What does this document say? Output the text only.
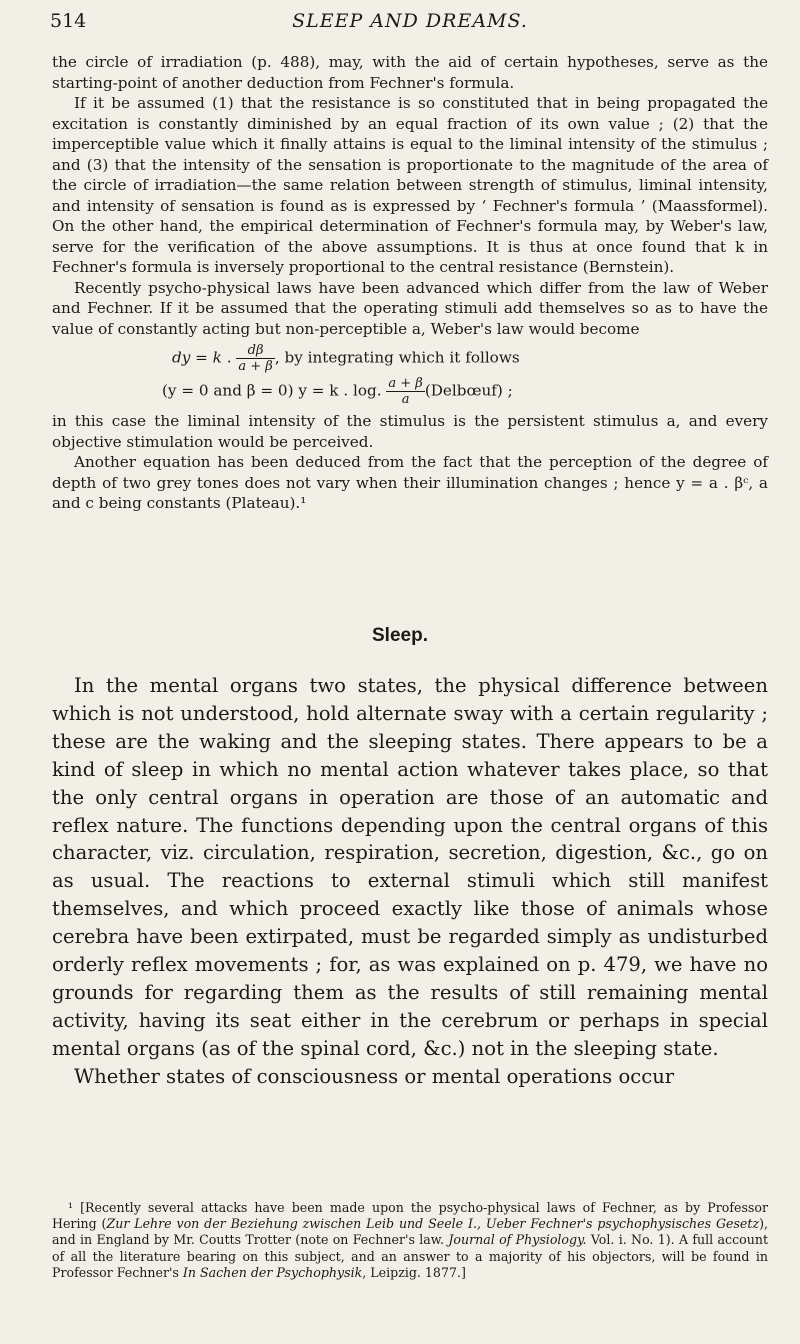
514	SLEEP AND DREAMS.

the circle of irradiation (p. 488), may, with the aid of certain hypotheses, serve as the starting-point of another deduction from Fechner's formula.

If it be assumed (1) that the resistance is so constituted that in being propagated the excitation is constantly diminished by an equal fraction of its own value ; (2) that the imperceptible value which it finally attains is equal to the liminal intensity of the stimulus ; and (3) that the intensity of the sensation is proportionate to the magnitude of the area of the circle of irradiation—the same relation between strength of stimulus, liminal intensity, and intensity of sensation is found as is expressed by ‘ Fechner's formula ’ (Maassformel). On the other hand, the empirical determination of Fechner's formula may, by Weber's law, serve for the verification of the above assumptions. It is thus at once found that k in Fechner's formula is inversely proportional to the central resistance (Bernstein).

Recently psycho-physical laws have been advanced which differ from the law of Weber and Fechner. If it be assumed that the operating stimuli add themselves so as to have the value of constantly acting but non-perceptible a, Weber's law would become

dy = k . $\frac{d\beta}{a + \beta}$ , by integrating which it follows
(y = 0 and β = 0) y = k . log. $\frac{a + \beta}{a}$ (Delbœuf) ;

in this case the liminal intensity of the stimulus is the persistent stimulus a, and every objective stimulation would be perceived.

Another equation has been deduced from the fact that the perception of the degree of depth of two grey tones does not vary when their illumination changes ; hence y = a . βᶜ, a and c being constants (Plateau).¹

Sleep.

In the mental organs two states, the physical difference between which is not understood, hold alternate sway with a certain regularity ; these are the waking and the sleeping states. There appears to be a kind of sleep in which no mental action whatever takes place, so that the only central organs in operation are those of an automatic and reflex nature. The functions depending upon the central organs of this character, viz. circulation, respiration, secretion, digestion, &c., go on as usual. The reactions to external stimuli which still manifest themselves, and which proceed exactly like those of animals whose cerebra have been extirpated, must be regarded simply as undisturbed orderly reflex movements ; for, as was explained on p. 479, we have no grounds for regarding them as the results of still remaining mental activity, having its seat either in the cerebrum or perhaps in special mental organs (as of the spinal cord, &c.) not in the sleeping state.

Whether states of consciousness or mental operations occur

¹ [Recently several attacks have been made upon the psycho-physical laws of Fechner, as by Professor Hering (Zur Lehre von der Beziehung zwischen Leib und Seele I., Ueber Fechner's psychophysisches Gesetz), and in England by Mr. Coutts Trotter (note on Fechner's law. Journal of Physiology. Vol. i. No. 1). A full account of all the literature bearing on this subject, and an answer to a majority of his objectors, will be found in Professor Fechner's In Sachen der Psychophysik, Leipzig. 1877.]
